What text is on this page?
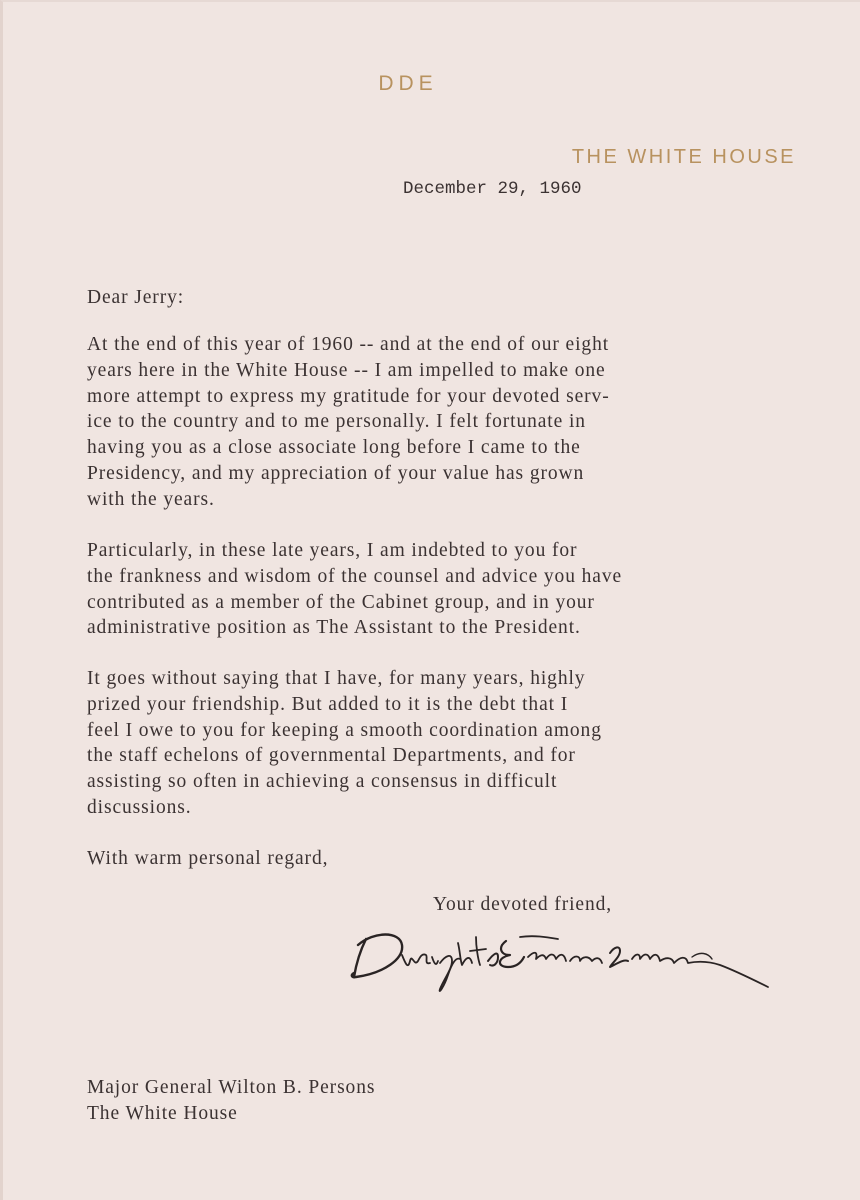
DDE
THE WHITE HOUSE
December 29, 1960
Dear Jerry:
At the end of this year of 1960 -- and at the end of our eight
years here in the White House -- I am impelled to make one
more attempt to express my gratitude for your devoted serv-
ice to the country and to me personally. I felt fortunate in
having you as a close associate long before I came to the
Presidency, and my appreciation of your value has grown
with the years.
Particularly, in these late years, I am indebted to you for
the frankness and wisdom of the counsel and advice you have
contributed as a member of the Cabinet group, and in your
administrative position as The Assistant to the President.
It goes without saying that I have, for many years, highly
prized your friendship. But added to it is the debt that I
feel I owe to you for keeping a smooth coordination among
the staff echelons of governmental Departments, and for
assisting so often in achieving a consensus in difficult
discussions.
With warm personal regard,
Your devoted friend,
Major General Wilton B. Persons
The White House
